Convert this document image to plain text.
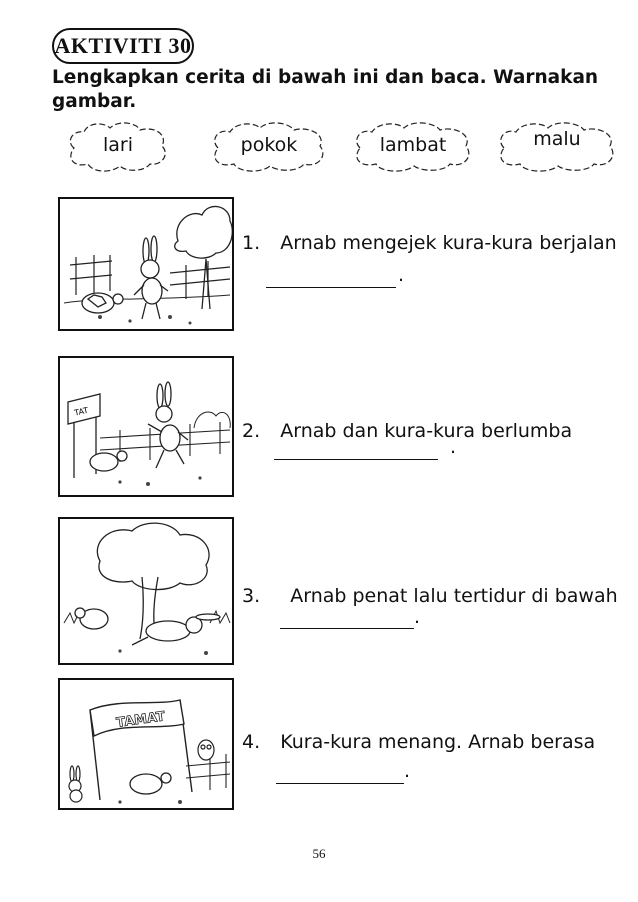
AKTIVITI 30
Lengkapkan cerita di bawah ini dan baca. Warnakan gambar.
lari	pokok	lambat	malu
1. Arnab mengejek kura-kura berjalan
.
TAT
2. Arnab dan kura-kura berlumba
.
3. Arnab penat lalu tertidur di bawah
.
TAMAT
4. Kura-kura menang. Arnab berasa
.
56
